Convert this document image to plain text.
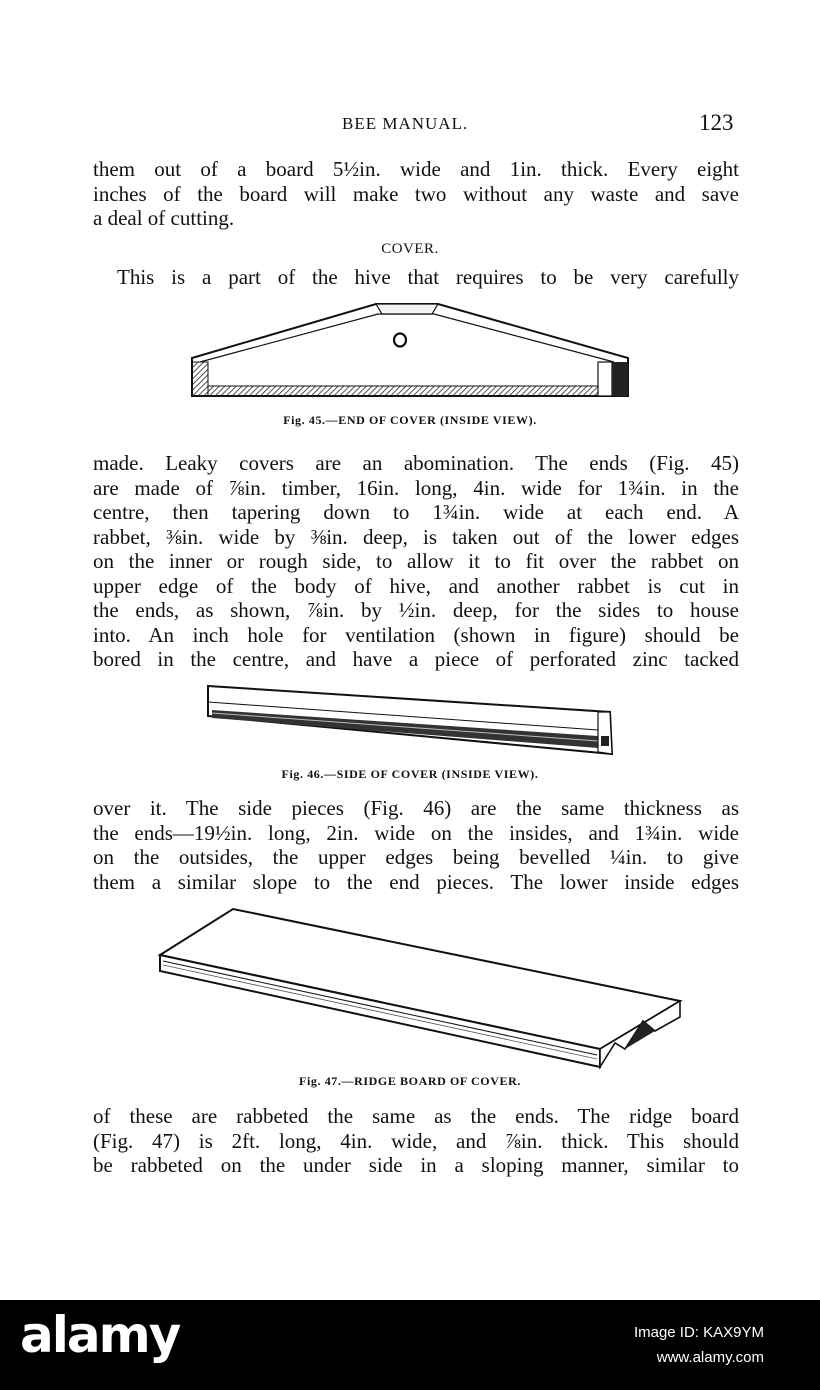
BEE MANUAL.	123

them out of a board 5½in. wide and 1in. thick. Every eight
inches of the board will make two without any waste and save
a deal of cutting.

COVER.

This is a part of the hive that requires to be very carefully

Fig. 45.—END OF COVER (INSIDE VIEW).

made. Leaky covers are an abomination. The ends (Fig. 45)
are made of ⅞in. timber, 16in. long, 4in. wide for 1¾in. in the
centre, then tapering down to 1¾in. wide at each end. A
rabbet, ⅜in. wide by ⅜in. deep, is taken out of the lower edges
on the inner or rough side, to allow it to fit over the rabbet on
upper edge of the body of hive, and another rabbet is cut in
the ends, as shown, ⅞in. by ½in. deep, for the sides to house
into. An inch hole for ventilation (shown in figure) should be
bored in the centre, and have a piece of perforated zinc tacked

Fig. 46.—SIDE OF COVER (INSIDE VIEW).

over it. The side pieces (Fig. 46) are the same thickness as
the ends—19½in. long, 2in. wide on the insides, and 1¾in. wide
on the outsides, the upper edges being bevelled ¼in. to give
them a similar slope to the end pieces. The lower inside edges

Fig. 47.—RIDGE BOARD OF COVER.

of these are rabbeted the same as the ends. The ridge board
(Fig. 47) is 2ft. long, 4in. wide, and ⅞in. thick. This should
be rabbeted on the under side in a sloping manner, similar to

alamy	Image ID: KAX9YM
www.alamy.com
